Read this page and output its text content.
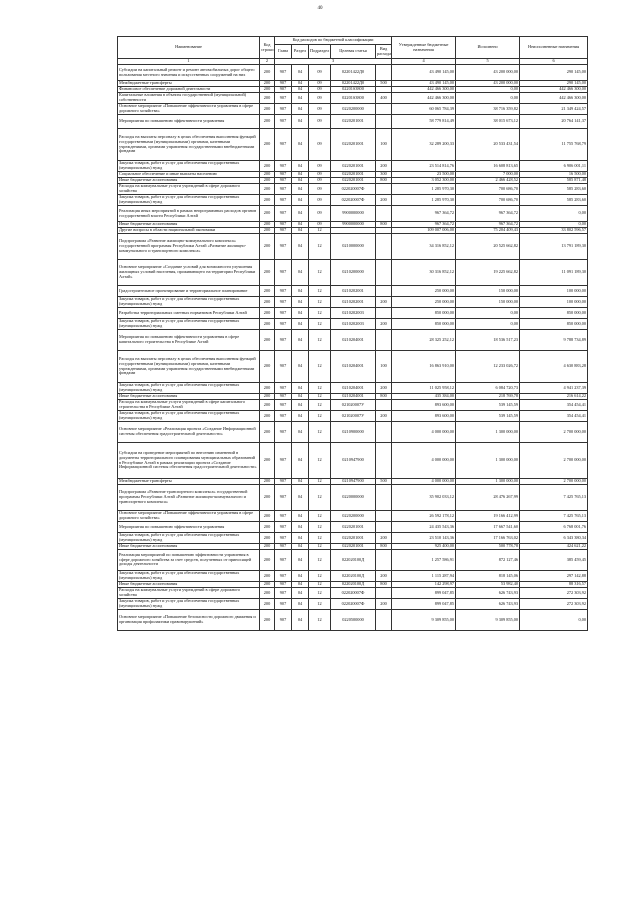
40
Наименование	Код строки	Код расходов по бюджетной классификации					Утвержденные бюджетные назначения	Исполнено	Неисполненные назначения
		Глава	Раздел	Подраздел	Целевая статья	Вид расхода			
1	2	3					4	5	6
Субсидии на капитальный ремонт и ремонт автомобильных дорог общего пользования местного значения и искусственных сооружений на них	200	907	04	09	02201422Д0		43 490 145,00	43 200 000,00	290 145,00
Межбюджетные трансферты	200	907	04	09	02201422Д0	500	43 490 145,00	43 200 000,00	290 145,00
Финансовое обеспечение дорожной деятельности	200	907	04	09	02201S3800		442 466 300,00	0,00	442 466 300,00
Капитальные вложения в объекты государственной (муниципальной) собственности	200	907	04	09	02201S3800	400	442 466 300,00	0,00	442 466 300,00
Основное мероприятие «Повышение эффективности управления в сфере дорожного хозяйства»	200	907	04	09	0220200000		60 065 784,39	38 716 359,82	21 349 424,57
Мероприятия по повышению эффективности управления	200	907	04	09	0220201001		58 779 814,49	38 015 673,12	20 764 141,37
Расходы на выплаты персоналу в целях обеспечения выполнения функций государственными (муниципальными) органами, казенными учреждениями, органами управления государственными внебюджетными фондами	200	907	04	09	0220201001	100	32 289 200,33	20 533 431,54	11 755 768,79
Закупка товаров, работ и услуг для обеспечения государственных (муниципальных) нужд	200	907	04	09	0220201001	200	23 514 814,76	16 608 813,65	6 906 001,11
Социальное обеспечение и иные выплаты населению	200	907	04	09	0220201001	300	23 500,00	7 000,00	16 500,00
Иные бюджетные ассигнования	200	907	04	09	0220201001	800	3 052 300,00	2 466 428,52	585 871,48
Расходы на коммунальные услуги учреждений в сфере дорожного хозяйства	200	907	04	09	022020007Ф		1 285 970,30	700 686,70	585 283,60
Закупка товаров, работ и услуг для обеспечения государственных (муниципальных) нужд	200	907	04	09	022020007Ф	200	1 285 970,30	700 686,70	585 283,60
Реализация иных мероприятий в рамках непрограммных расходов органов государственной власти Республики Алтай	200	907	04	09	9900000000		967 364,72	967 364,72	0,00
Иные бюджетные ассигнования	200	907	04	09	9900000000	800	967 364,72	967 364,72	0,00
Другие вопросы в области национальной экономики	200	907	04	12			109 007 006,00	75 204 409,43	33 802 596,57
Подпрограмма «Развитие жилищно-коммунального комплекса» государственной программы Республики Алтай «Развитие жилищно-коммунального и транспортного комплекса»	200	907	04	12	0210000000		34 316 852,12	20 525 662,82	13 791 189,30
Основное мероприятие «Создание условий для возможности улучшения жилищных условий населения, проживающего на территории Республики Алтай»	200	907	04	12	0210200000		30 316 852,12	19 225 662,82	11 091 189,30
Градостроительное проектирование и территориальное планирование	200	907	04	12	0210202001		250 000,00	150 000,00	100 000,00
Закупка товаров, работ и услуг для обеспечения государственных (муниципальных) нужд	200	907	04	12	0210202001	200	250 000,00	150 000,00	100 000,00
Разработка территориальных сметных нормативов Республики Алтай	200	907	04	12	0210202003		850 000,00	0,00	850 000,00
Закупка товаров, работ и услуг для обеспечения государственных (муниципальных) нужд	200	907	04	12	0210202003	200	850 000,00	0,00	850 000,00
Мероприятия по повышению эффективности управления в сфере капитального строительства в Республике Алтай	200	907	04	12	0210204001		28 325 252,12	18 536 517,23	9 788 734,89
Расходы на выплаты персоналу в целях обеспечения выполнения функций государственными (муниципальными) органами, казенными учреждениями, органами управления государственными внебюджетными фондами	200	907	04	12	0210204001	100	16 863 910,00	12 233 026,72	4 630 883,28
Закупка товаров, работ и услуг для обеспечения государственных (муниципальных) нужд	200	907	04	12	0210204001	200	11 025 958,12	6 084 720,73	4 941 237,39
Иные бюджетные ассигнования	200	907	04	12	0210204001	800	435 384,00	218 769,78	216 614,22
Расходы на коммунальные услуги учреждений в сфере капитального строительства в Республике Алтай	200	907	04	12	021020007У		893 600,00	539 145,59	354 454,41
Закупка товаров, работ и услуг для обеспечения государственных (муниципальных) нужд	200	907	04	12	021020007У	200	893 600,00	539 145,59	354 454,41
Основное мероприятие «Реализация проекта «Создание Информационной системы обеспечения градостроительной деятельности»	200	907	04	12	0210900000		4 000 000,00	1 300 000,00	2 700 000,00
Субсидии на проведение мероприятий по внесению изменений в документы территориального планирования муниципальных образований в Республике Алтай в рамках реализации проекта «Создание Информационной системы обеспечения градостроительной деятельности»	200	907	04	12	0210947900		4 000 000,00	1 300 000,00	2 700 000,00
Межбюджетные трансферты	200	907	04	12	0210947900	500	4 000 000,00	1 300 000,00	2 700 000,00
Подпрограмма «Развитие транспортного комплекса» государственной программы Республики Алтай «Развитие жилищно-коммунального и транспортного комплекса»	200	907	04	12	0220000000		35 902 033,12	28 476 267,99	7 425 765,13
Основное мероприятие «Повышение эффективности управления в сфере дорожного хозяйства»	200	907	04	12	0220200000		26 592 178,12	19 166 412,99	7 425 765,13
Мероприятия по повышению эффективности управления	200	907	04	12	0220201001		24 435 543,36	17 667 541,60	6 768 001,76
Закупка товаров, работ и услуг для обеспечения государственных (муниципальных) нужд	200	907	04	12	0220201001	200	23 510 143,36	17 166 763,02	6 343 380,34
Иные бюджетные ассигнования	200	907	04	12	0220201001	800	925 400,00	500 778,78	424 621,22
Реализация мероприятий по повышению эффективности управления в сфере дорожного хозяйства за счет средств, полученных от приносящей доходы деятельности	200	907	04	12	022020100Д		1 257 586,91	872 127,46	385 459,45
Закупка товаров, работ и услуг для обеспечения государственных (муниципальных) нужд	200	907	04	12	022020100Д	200	1 115 287,94	818 145,06	297 142,88
Иные бюджетные ассигнования	200	907	04	12	022020100Д	800	142 298,97	53 982,40	88 316,57
Расходы на коммунальные услуги учреждений в сфере дорожного хозяйства	200	907	04	12	022020007Ф		899 047,85	626 743,93	272 303,92
Закупка товаров, работ и услуг для обеспечения государственных (муниципальных) нужд	200	907	04	12	022020007Ф	200	899 047,85	626 743,93	272 303,92
Основное мероприятие «Повышение безопасности дорожного движения и организация профилактики правонарушений»	200	907	04	12	0220500000		9 309 855,00	9 309 855,00	0,00
